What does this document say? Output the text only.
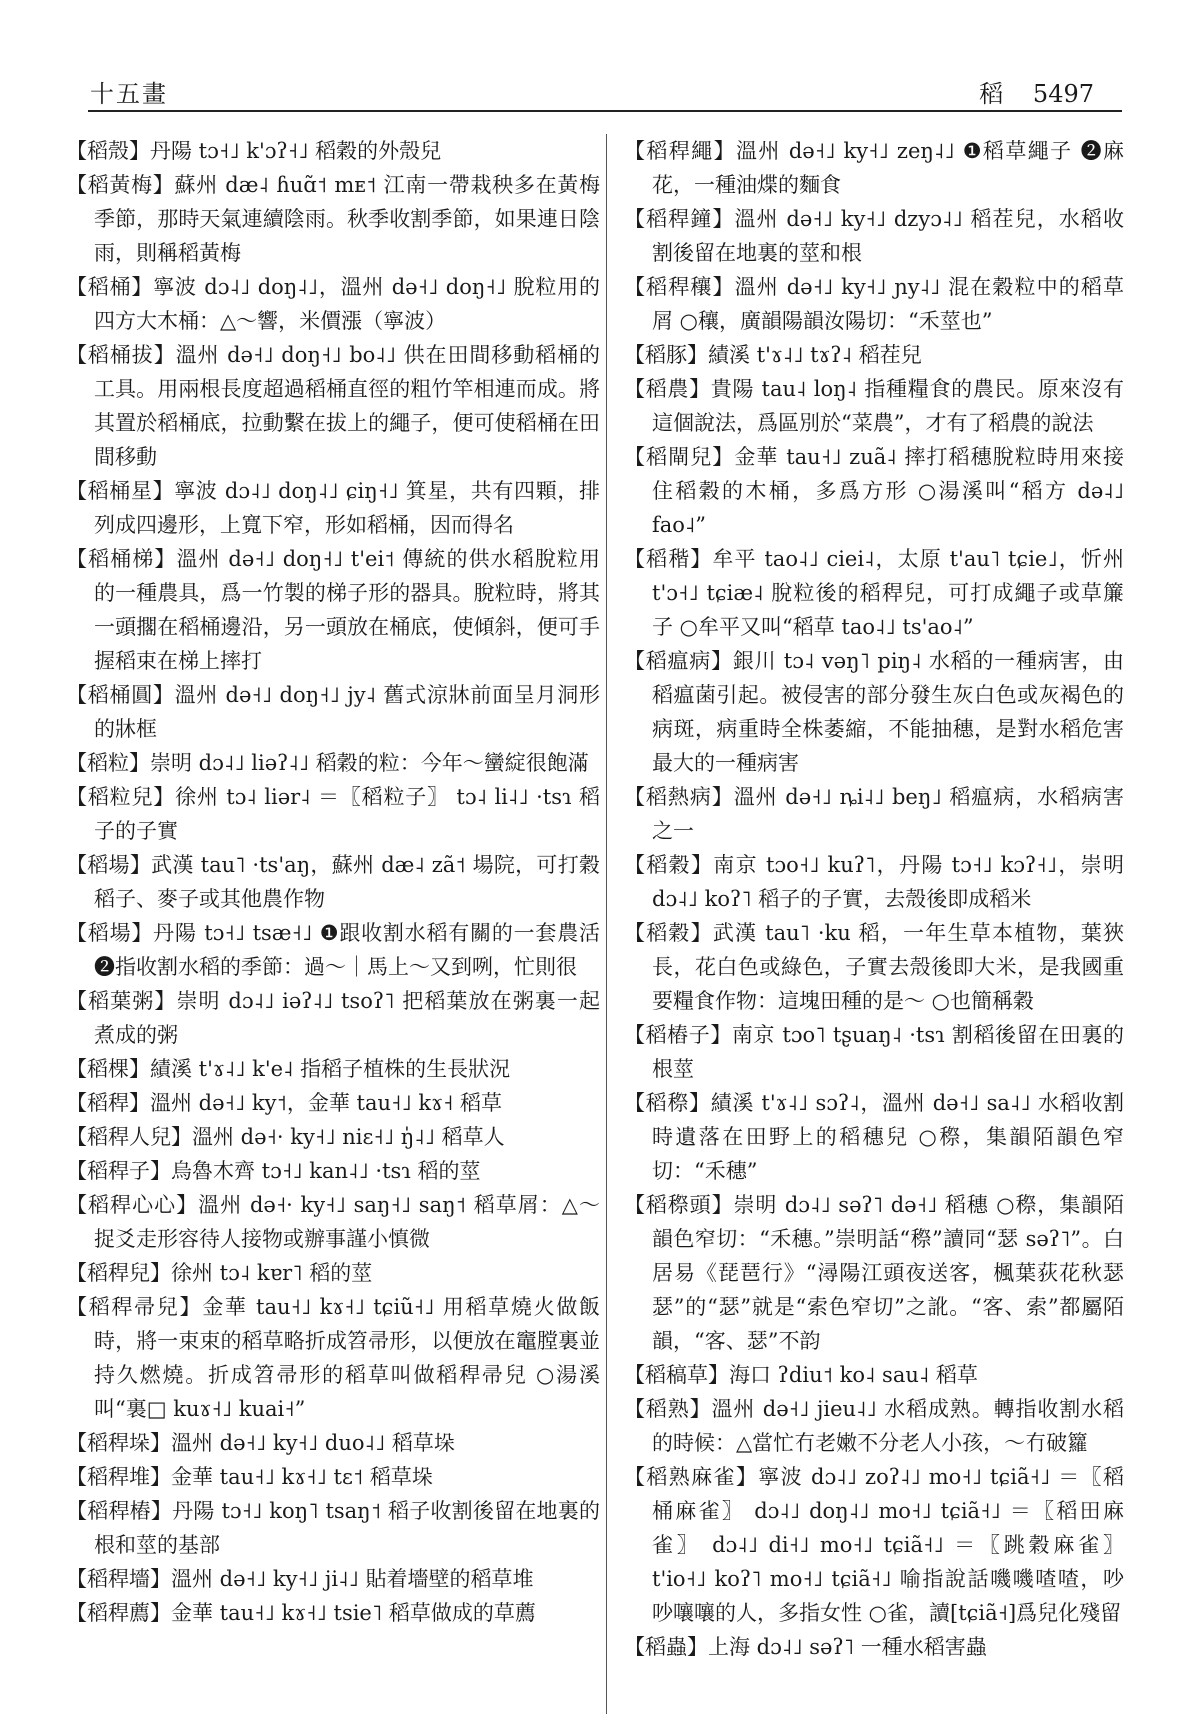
十五畫	稻 5497

【稻殼】丹陽 tɔ˧˩ k'ɔʔ˧˩ 稻穀的外殼兒

【稻黃梅】蘇州 dæ˨ ɦuɑ̃˦ mᴇ˦ 江南一帶栽秧多在黃梅季節，那時天氣連續陰雨。秋季收割季節，如果連日陰雨，則稱稻黃梅

【稻桶】寧波 dɔ˨˩ doŋ˨˩，溫州 də˧˩ doŋ˧˩ 脫粒用的四方大木桶：△～響，米價漲（寧波）

【稻桶拔】溫州 də˧˩ doŋ˧˩ bo˨˩ 供在田間移動稻桶的工具。用兩根長度超過稻桶直徑的粗竹竿相連而成。將其置於稻桶底，拉動繫在拔上的繩子，便可使稻桶在田間移動

【稻桶星】寧波 dɔ˨˩ doŋ˨˩ ɕiŋ˧˩ 箕星，共有四顆，排列成四邊形，上寬下窄，形如稻桶，因而得名

【稻桶梯】溫州 də˧˩ doŋ˧˩ t'ei˦ 傳統的供水稻脫粒用的一種農具，爲一竹製的梯子形的器具。脫粒時，將其一頭擱在稻桶邊沿，另一頭放在桶底，使傾斜，便可手握稻束在梯上摔打

【稻桶圓】溫州 də˧˩ doŋ˧˩ jy˨ 舊式涼牀前面呈月洞形的牀框

【稻粒】崇明 dɔ˨˩ liəʔ˨˩ 稻穀的粒：今年～蠻綻很飽滿

【稻粒兒】徐州 tɔ˨ liər˨ ＝〖稻粒子〗 tɔ˨ li˨˩ ·tsɿ 稻子的子實

【稻場】武漢 tau˥ ·ts'aŋ，蘇州 dæ˨ zã˦ 場院，可打穀稻子、麥子或其他農作物

【稻場】丹陽 tɔ˧˩ tsæ˧˩ ❶跟收割水稻有關的一套農活 ❷指收割水稻的季節：過～｜馬上～又到咧，忙則很

【稻葉粥】崇明 dɔ˨˩ iəʔ˨˩ tsoʔ˥ 把稻葉放在粥裏一起煮成的粥

【稻棵】績溪 t'ɤ˨˩ k'e˨ 指稻子植株的生長狀況

【稻稈】溫州 də˧˩ ky˦，金華 tau˧˩ kɤ˧ 稻草

【稻稈人兒】溫州 də˧· ky˧˩ niɛ˧˩ ŋ̍˨˩ 稻草人

【稻稈子】烏魯木齊 tɔ˧˩ kan˨˩ ·tsɿ 稻的莖

【稻稈心心】溫州 də˧· ky˧˩ saŋ˧˩ saŋ˦ 稻草屑：△～捉爻走形容待人接物或辦事謹小慎微

【稻稈兒】徐州 tɔ˨ kɐr˥ 稻的莖

【稻稈帚兒】金華 tau˧˩ kɤ˧˩ tɕiũ˧˩ 用稻草燒火做飯時，將一束束的稻草略折成笤帚形，以便放在竈膛裏並持久燃燒。折成笤帚形的稻草叫做稻稈帚兒 ○湯溪叫“裏□ kuɤ˧˩ kuai˧”

【稻稈垛】溫州 də˧˩ ky˧˩ duo˨˩ 稻草垛

【稻稈堆】金華 tau˧˩ kɤ˧˩ tɛ˦ 稻草垛

【稻稈樁】丹陽 tɔ˧˩ koŋ˥ tsaŋ˦ 稻子收割後留在地裏的根和莖的基部

【稻稈墻】溫州 də˧˩ ky˧˩ ji˨˩ 貼着墻壁的稻草堆

【稻稈薦】金華 tau˧˩ kɤ˧˩ tsie˥ 稻草做成的草薦

【稻稈繩】溫州 də˧˩ ky˧˩ zeŋ˨˩ ❶稻草繩子 ❷麻花，一種油煠的麵食

【稻稈鐘】溫州 də˧˩ ky˧˩ dzyɔ˨˩ 稻茬兒，水稻收割後留在地裏的莖和根

【稻稈穰】溫州 də˧˩ ky˧˩ ɲy˨˩ 混在穀粒中的稻草屑 ○穰，廣韻陽韻汝陽切：“禾莖也”

【稻豚】績溪 t'ɤ˨˩ tɤʔ˨ 稻茬兒

【稻農】貴陽 tau˨ loŋ˨ 指種糧食的農民。原來沒有這個說法，爲區別於“菜農”，才有了稻農的說法

【稻閘兒】金華 tau˧˩ zuã˨ 摔打稻穗脫粒時用來接住稻穀的木桶，多爲方形 ○湯溪叫“稻方 də˨˩ fao˨”

【稻稭】牟平 tao˨˩ ciei˨，太原 t'au˥ tɕie˩，忻州 t'ɔ˧˩ tɕiæ˨ 脫粒後的稻稈兒，可打成繩子或草簾子 ○牟平又叫“稻草 tao˨˩ ts'ao˨”

【稻瘟病】銀川 tɔ˨ vəŋ˥ piŋ˨ 水稻的一種病害，由稻瘟菌引起。被侵害的部分發生灰白色或灰褐色的病斑，病重時全株萎縮，不能抽穗，是對水稻危害最大的一種病害

【稻熱病】溫州 də˧˩ ȵi˨˩ beŋ˩ 稻瘟病，水稻病害之一

【稻穀】南京 tɔo˧˩ kuʔ˥，丹陽 tɔ˧˩ kɔʔ˧˩，崇明 dɔ˨˩ koʔ˥ 稻子的子實，去殼後即成稻米

【稻穀】武漢 tau˥ ·ku 稻，一年生草本植物，葉狹長，花白色或綠色，子實去殼後即大米，是我國重要糧食作物：這塊田種的是～ ○也簡稱穀

【稻樁子】南京 tɔo˥ tʂuaŋ˨ ·tsɿ 割稻後留在田裏的根莖

【稻穄】績溪 t'ɤ˨˩ sɔʔ˨，溫州 də˧˩ sa˨˩ 水稻收割時遺落在田野上的稻穗兒 ○穄，集韻陌韻色窄切：“禾穗”

【稻穄頭】崇明 dɔ˨˩ səʔ˥ də˧˩ 稻穗 ○穄，集韻陌韻色窄切：“禾穗。”崇明話“穄”讀同“瑟 səʔ˥”。白居易《琵琶行》“潯陽江頭夜送客，楓葉荻花秋瑟瑟”的“瑟”就是“索色窄切”之訛。“客、索”都屬陌韻，“客、瑟”不韵

【稻稿草】海口 ʔdiu˦ ko˨ sau˨ 稻草

【稻熟】溫州 də˧˩ jieu˨˩ 水稻成熟。轉指收割水稻的時候：△當忙冇老嫩不分老人小孩，～冇破籮

【稻熟麻雀】寧波 dɔ˨˩ zoʔ˨˩ mo˧˩ tɕiã˧˩ ＝〖稻桶麻雀〗 dɔ˨˩ doŋ˨˩ mo˧˩ tɕiã˧˩ ＝〖稻田麻雀〗 dɔ˨˩ di˧˩ mo˧˩ tɕiã˧˩ ＝〖跳穀麻雀〗 t'io˧˩ koʔ˥ mo˧˩ tɕiã˧˩ 喻指說話嘰嘰喳喳，吵吵嚷嚷的人，多指女性 ○雀，讀[tɕiã˧]爲兒化殘留

【稻蟲】上海 dɔ˨˩ səʔ˥ 一種水稻害蟲
